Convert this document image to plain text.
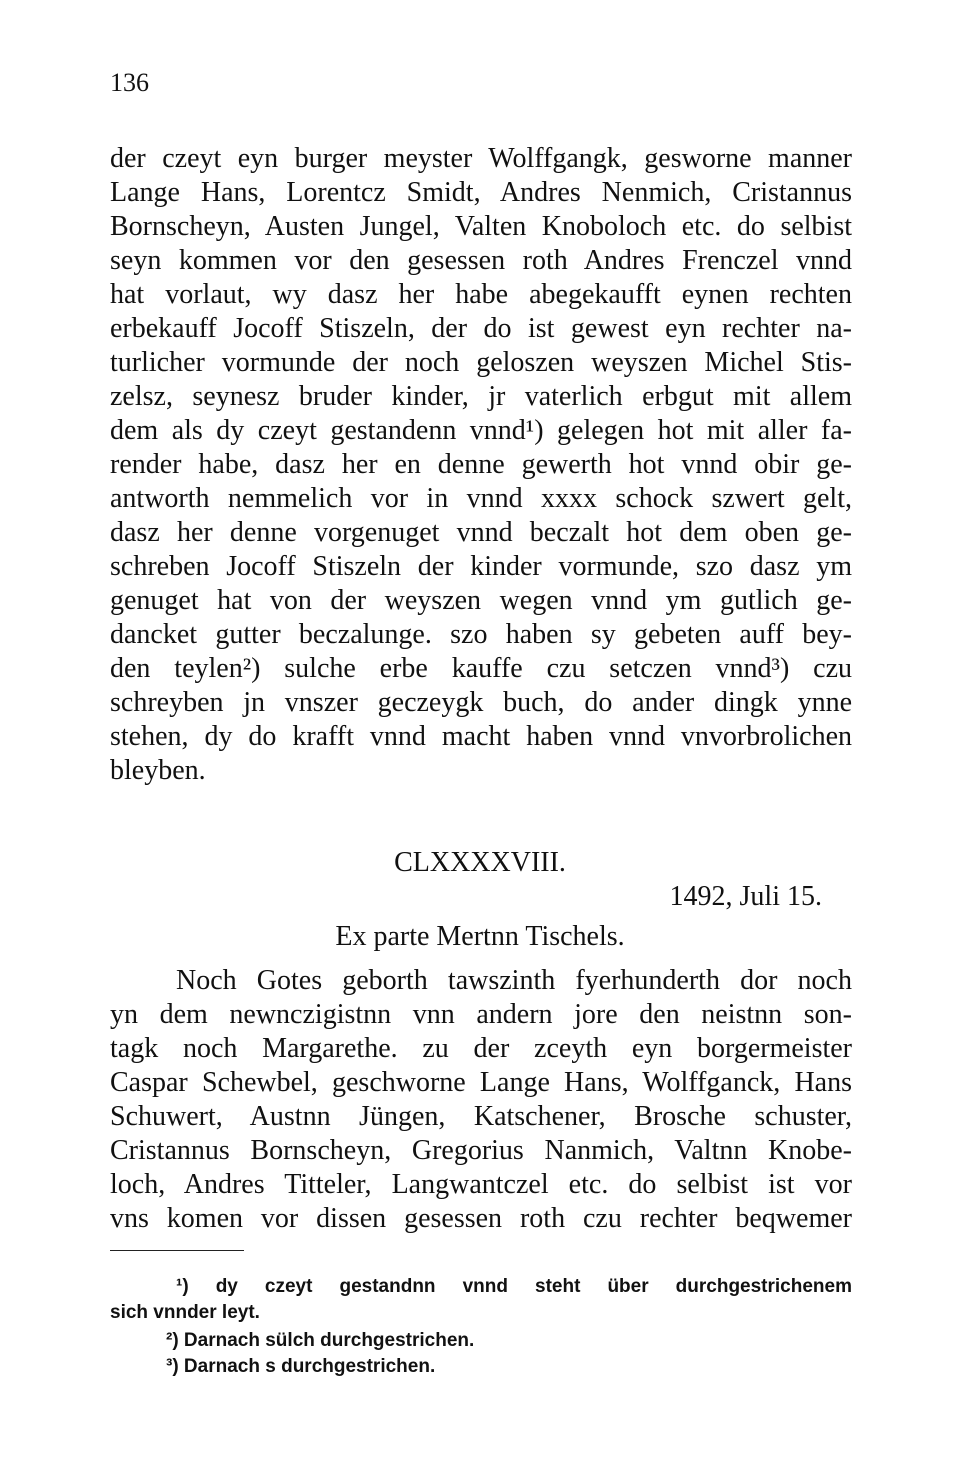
136
der czeyt eyn burger meyster Wolffgangk, gesworne manner
Lange Hans, Lorentcz Smidt, Andres Nenmich, Cristannus
Bornscheyn, Austen Jungel, Valten Knoboloch etc. do selbist
seyn kommen vor den gesessen roth Andres Frenczel vnnd
hat vorlaut, wy dasz her habe abegekaufft eynen rechten
erbekauff Jocoff Stiszeln, der do ist gewest eyn rechter na-
turlicher vormunde der noch geloszen weyszen Michel Stis-
zelsz, seynesz bruder kinder, jr vaterlich erbgut mit allem
dem als dy czeyt gestandenn vnnd¹) gelegen hot mit aller fa-
render habe, dasz her en denne gewerth hot vnnd obir ge-
antworth nemmelich vor in vnnd xxxx schock szwert gelt,
dasz her denne vorgenuget vnnd beczalt hot dem oben ge-
schreben Jocoff Stiszeln der kinder vormunde, szo dasz ym
genuget hat von der weyszen wegen vnnd ym gutlich ge-
dancket gutter beczalunge. szo haben sy gebeten auff bey-
den teylen²) sulche erbe kauffe czu setczen vnnd³) czu
schreyben jn vnszer geczeygk buch, do ander dingk ynne
stehen, dy do krafft vnnd macht haben vnnd vnvorbrolichen
bleyben.
CLXXXXVIII.
1492, Juli 15.
Ex parte Mertnn Tischels.
Noch Gotes geborth tawszinth fyerhunderth dor noch
yn dem newnczigistnn vnn andern jore den neistnn son-
tagk noch Margarethe. zu der zceyth eyn borgermeister
Caspar Schewbel, geschworne Lange Hans, Wolffganck, Hans
Schuwert, Austnn Jüngen, Katschener, Brosche schuster,
Cristannus Bornscheyn, Gregorius Nanmich, Valtnn Knobe-
loch, Andres Titteler, Langwantczel etc. do selbist ist vor
vns komen vor dissen gesessen roth czu rechter beqwemer
¹) dy czeyt gestandnn vnnd steht über durchgestrichenem
sich vnnder leyt.
²) Darnach sülch durchgestrichen.
³) Darnach s durchgestrichen.
